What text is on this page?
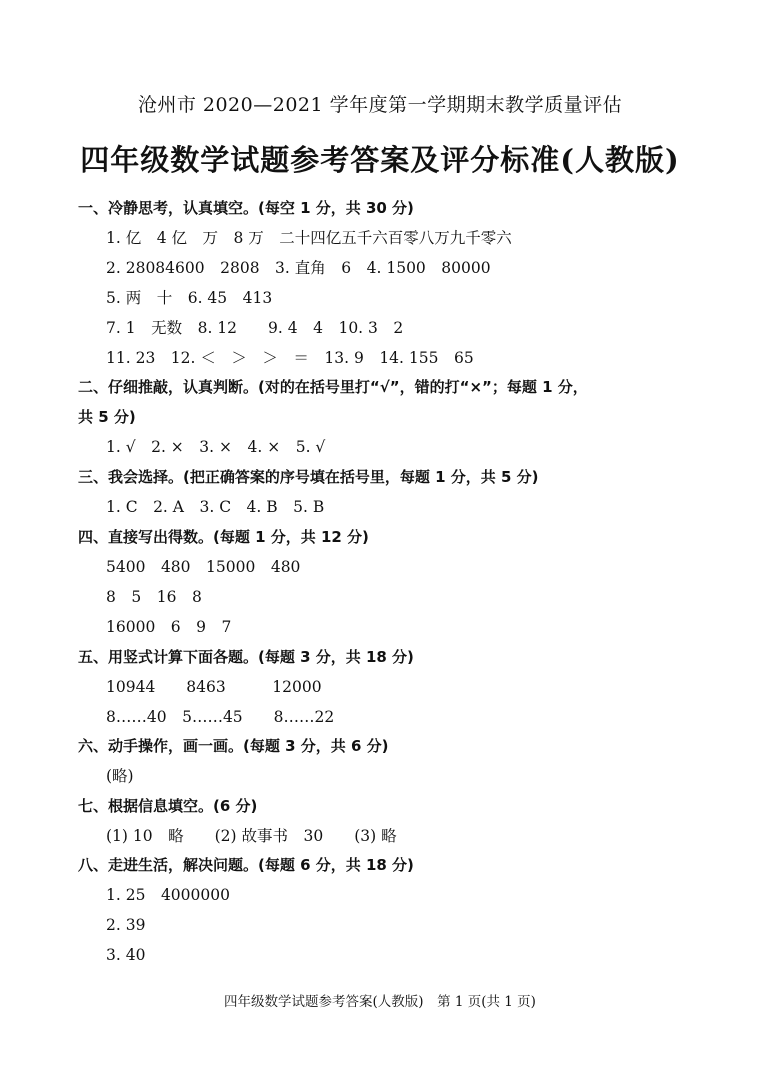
沧州市 2020—2021 学年度第一学期期末教学质量评估
四年级数学试题参考答案及评分标准(人教版)
一、冷静思考，认真填空。(每空 1 分，共 30 分)
1. 亿　4 亿　万　8 万　二十四亿五千六百零八万九千零六
2. 28084600　2808　3. 直角　6　4. 1500　80000
5. 两　十　6. 45　413
7. 1　无数　8. 12　　9. 4　4　10. 3　2
11. 23　12. ＜　＞　＞　＝　13. 9　14. 155　65
二、仔细推敲，认真判断。(对的在括号里打“√”，错的打“×”；每题 1 分，
共 5 分)
1. √　2. ×　3. ×　4. ×　5. √
三、我会选择。(把正确答案的序号填在括号里，每题 1 分，共 5 分)
1. C　2. A　3. C　4. B　5. B
四、直接写出得数。(每题 1 分，共 12 分)
5400　480　15000　480
8　5　16　8
16000　6　9　7
五、用竖式计算下面各题。(每题 3 分，共 18 分)
10944　　8463　　　12000
8……40　5……45　　8……22
六、动手操作，画一画。(每题 3 分，共 6 分)
(略)
七、根据信息填空。(6 分)
(1) 10　略　　(2) 故事书　30　　(3) 略
八、走进生活，解决问题。(每题 6 分，共 18 分)
1. 25　4000000
2. 39
3. 40
四年级数学试题参考答案(人教版)　第 1 页(共 1 页)
